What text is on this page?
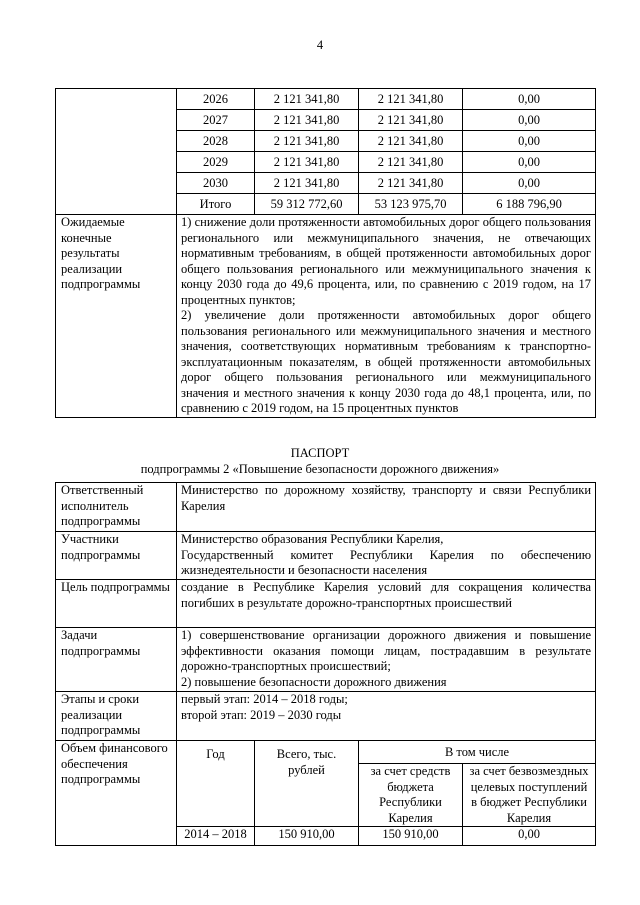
4
	2026	2 121 341,80	2 121 341,80	0,00
	2027	2 121 341,80	2 121 341,80	0,00
	2028	2 121 341,80	2 121 341,80	0,00
	2029	2 121 341,80	2 121 341,80	0,00
	2030	2 121 341,80	2 121 341,80	0,00
	Итого	59 312 772,60	53 123 975,70	6 188 796,90
Ожидаемые конечные результаты реализации подпрограммы	1) снижение доли протяженности автомобильных дорог общего пользования регионального или межмуниципального значения, не отвечающих нормативным требованиям, в общей протяженности автомобильных дорог общего пользования регионального или межмуниципального значения к концу 2030 года до 49,6 процента, или, по сравнению с 2019 годом, на 17 процентных пунктов;
2) увеличение доли протяженности автомобильных дорог общего пользования регионального или межмуниципального значения и местного значения, соответствующих нормативным требованиям к транспортно-эксплуатационным показателям, в общей протяженности автомобильных дорог общего пользования регионального или межмуниципального значения и местного значения к концу 2030 года до 48,1 процента, или, по сравнению с 2019 годом, на 15 процентных пунктов			
ПАСПОРТ
подпрограммы 2 «Повышение безопасности дорожного движения»
Ответственный исполнитель подпрограммы	Министерство по дорожному хозяйству, транспорту и связи Республики Карелия			
Участники подпрограммы	Министерство образования Республики Карелия,
Государственный комитет Республики Карелия по обеспечению жизнедеятельности и безопасности населения			

Цель подпрограммы	создание в Республике Карелия условий для сокращения количества погибших в результате дорожно-транспортных происшествий			
Задачи подпрограммы	1) совершенствование организации дорожного движения и повышение эффективности оказания помощи лицам, пострадавшим в результате дорожно-транспортных происшествий;
2) повышение безопасности дорожного движения			

Этапы и сроки реализации подпрограммы	первый этап: 2014 – 2018 годы;
второй этап: 2019 – 2030 годы			

Объем финансового обеспечения подпрограммы	Год	Всего, тыс. рублей	В том числе	
			за счет средств бюджета Республики Карелия	за счет безвозмездных целевых поступлений в бюджет Республики Карелия
	2014 – 2018	150 910,00	150 910,00	0,00
